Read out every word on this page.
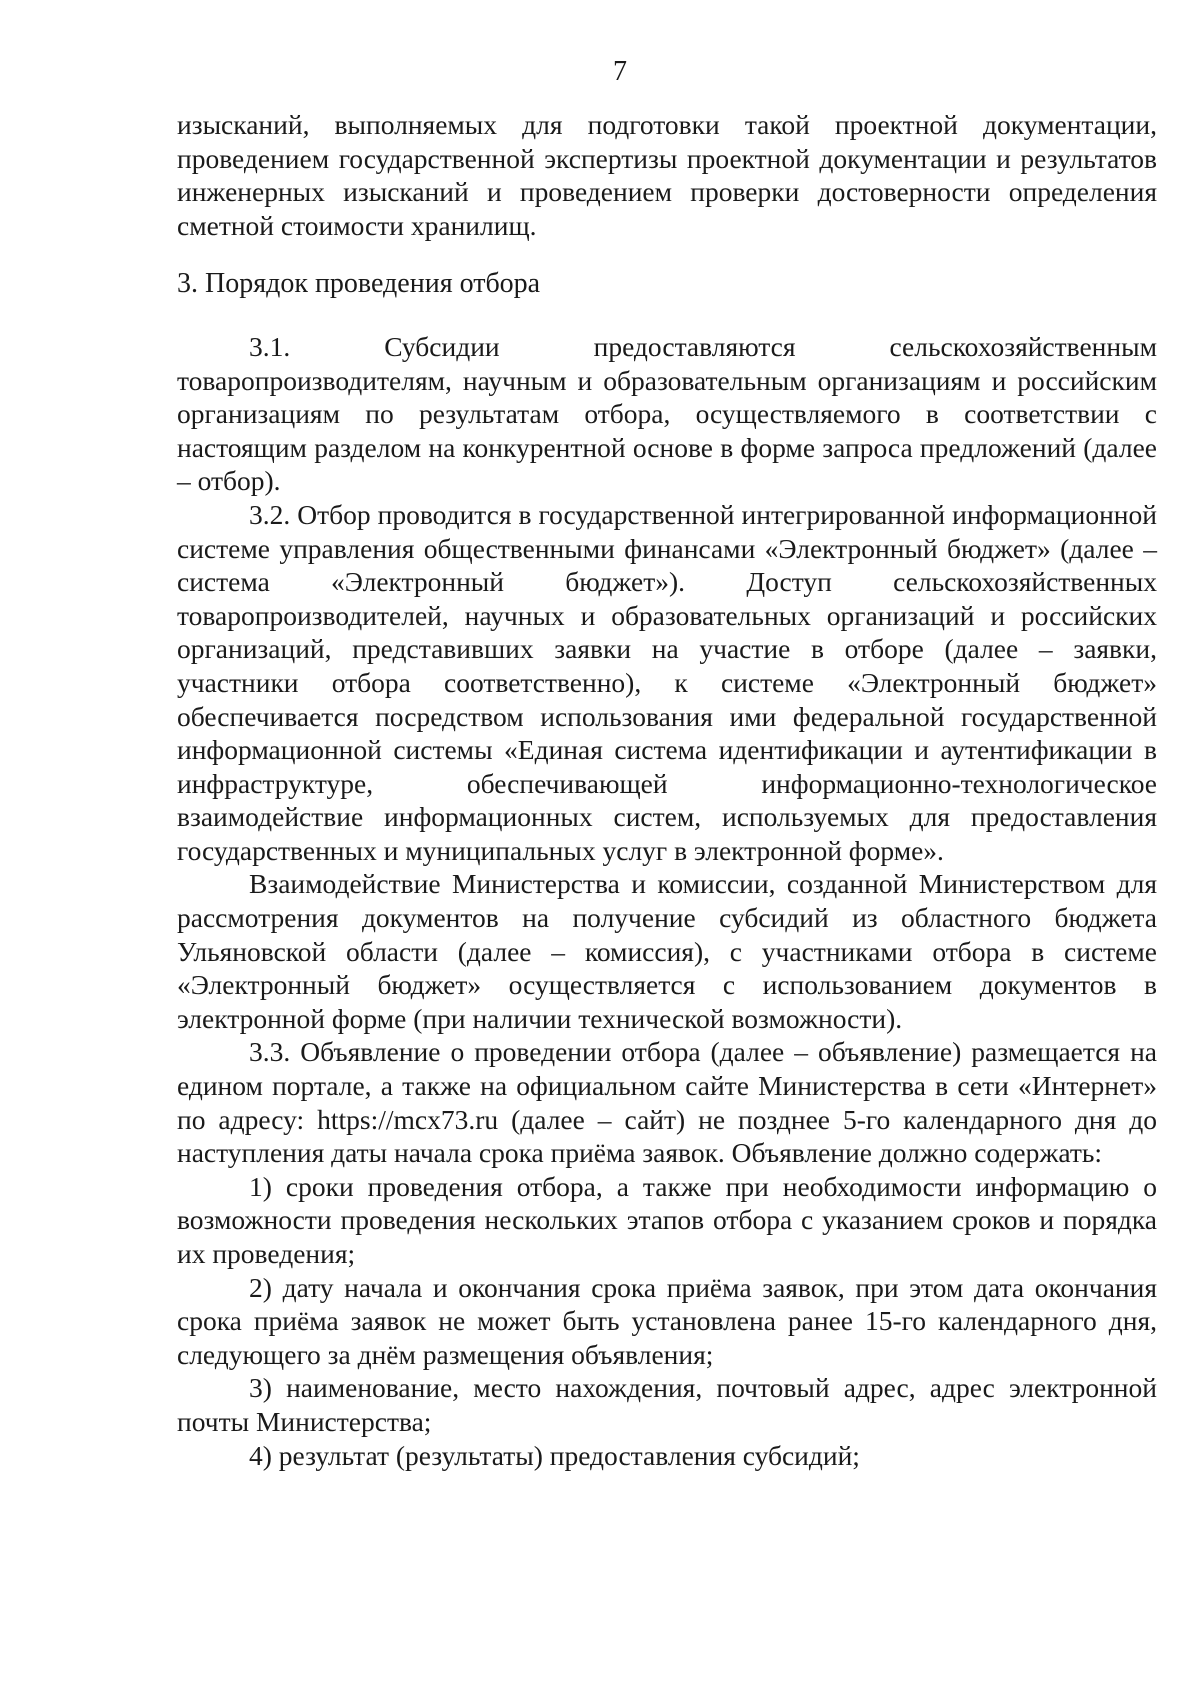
7

изысканий, выполняемых для подготовки такой проектной документации, проведением государственной экспертизы проектной документации и результатов инженерных изысканий и проведением проверки достоверности определения сметной стоимости хранилищ.

3. Порядок проведения отбора

3.1. Субсидии предоставляются сельскохозяйственным товаропроизводителям, научным и образовательным организациям и российским организациям по результатам отбора, осуществляемого в соответствии с настоящим разделом на конкурентной основе в форме запроса предложений (далее – отбор).

3.2. Отбор проводится в государственной интегрированной информационной системе управления общественными финансами «Электронный бюджет» (далее – система «Электронный бюджет»). Доступ сельскохозяйственных товаропроизводителей, научных и образовательных организаций и российских организаций, представивших заявки на участие в отборе (далее – заявки, участники отбора соответственно), к системе «Электронный бюджет» обеспечивается посредством использования ими федеральной государственной информационной системы «Единая система идентификации и аутентификации в инфраструктуре, обеспечивающей информационно-технологическое взаимодействие информационных систем, используемых для предоставления государственных и муниципальных услуг в электронной форме».

Взаимодействие Министерства и комиссии, созданной Министерством для рассмотрения документов на получение субсидий из областного бюджета Ульяновской области (далее – комиссия), с участниками отбора в системе «Электронный бюджет» осуществляется с использованием документов в электронной форме (при наличии технической возможности).

3.3. Объявление о проведении отбора (далее – объявление) размещается на едином портале, а также на официальном сайте Министерства в сети «Интернет» по адресу: https://mcx73.ru (далее – сайт) не позднее 5-го календарного дня до наступления даты начала срока приёма заявок. Объявление должно содержать:

1) сроки проведения отбора, а также при необходимости информацию о возможности проведения нескольких этапов отбора с указанием сроков и порядка их проведения;

2) дату начала и окончания срока приёма заявок, при этом дата окончания срока приёма заявок не может быть установлена ранее 15-го календарного дня, следующего за днём размещения объявления;

3) наименование, место нахождения, почтовый адрес, адрес электронной почты Министерства;

4) результат (результаты) предоставления субсидий;
